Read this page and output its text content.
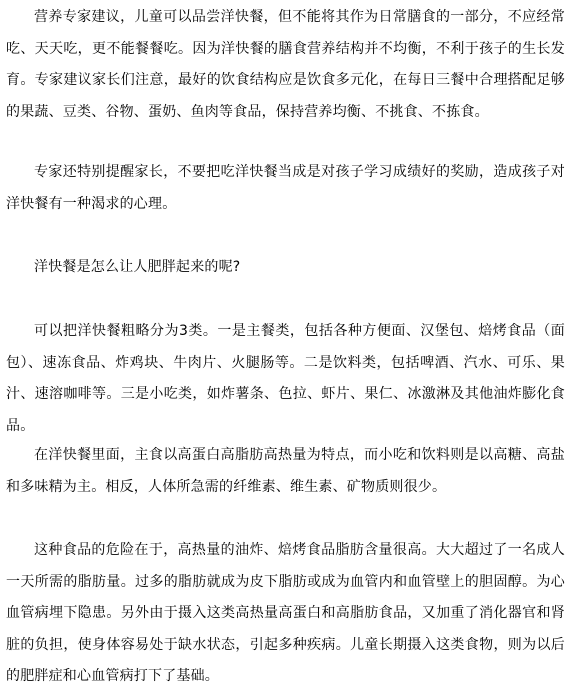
营养专家建议，儿童可以品尝洋快餐，但不能将其作为日常膳食的一部分，不应经常吃、天天吃，更不能餐餐吃。因为洋快餐的膳食营养结构并不均衡，不利于孩子的生长发育。专家建议家长们注意，最好的饮食结构应是饮食多元化，在每日三餐中合理搭配足够的果蔬、豆类、谷物、蛋奶、鱼肉等食品，保持营养均衡、不挑食、不拣食。

专家还特别提醒家长，不要把吃洋快餐当成是对孩子学习成绩好的奖励，造成孩子对洋快餐有一种渴求的心理。

洋快餐是怎么让人肥胖起来的呢?

可以把洋快餐粗略分为3类。一是主餐类，包括各种方便面、汉堡包、焙烤食品（面包）、速冻食品、炸鸡块、牛肉片、火腿肠等。二是饮料类，包括啤酒、汽水、可乐、果汁、速溶咖啡等。三是小吃类，如炸薯条、色拉、虾片、果仁、冰激淋及其他油炸膨化食品。

在洋快餐里面，主食以高蛋白高脂肪高热量为特点，而小吃和饮料则是以高糖、高盐和多味精为主。相反，人体所急需的纤维素、维生素、矿物质则很少。

这种食品的危险在于，高热量的油炸、焙烤食品脂肪含量很高。大大超过了一名成人一天所需的脂肪量。过多的脂肪就成为皮下脂肪或成为血管内和血管壁上的胆固醇。为心血管病埋下隐患。另外由于摄入这类高热量高蛋白和高脂肪食品，又加重了消化器官和肾脏的负担，使身体容易处于缺水状态，引起多种疾病。儿童长期摄入这类食物，则为以后的肥胖症和心血管病打下了基础。
